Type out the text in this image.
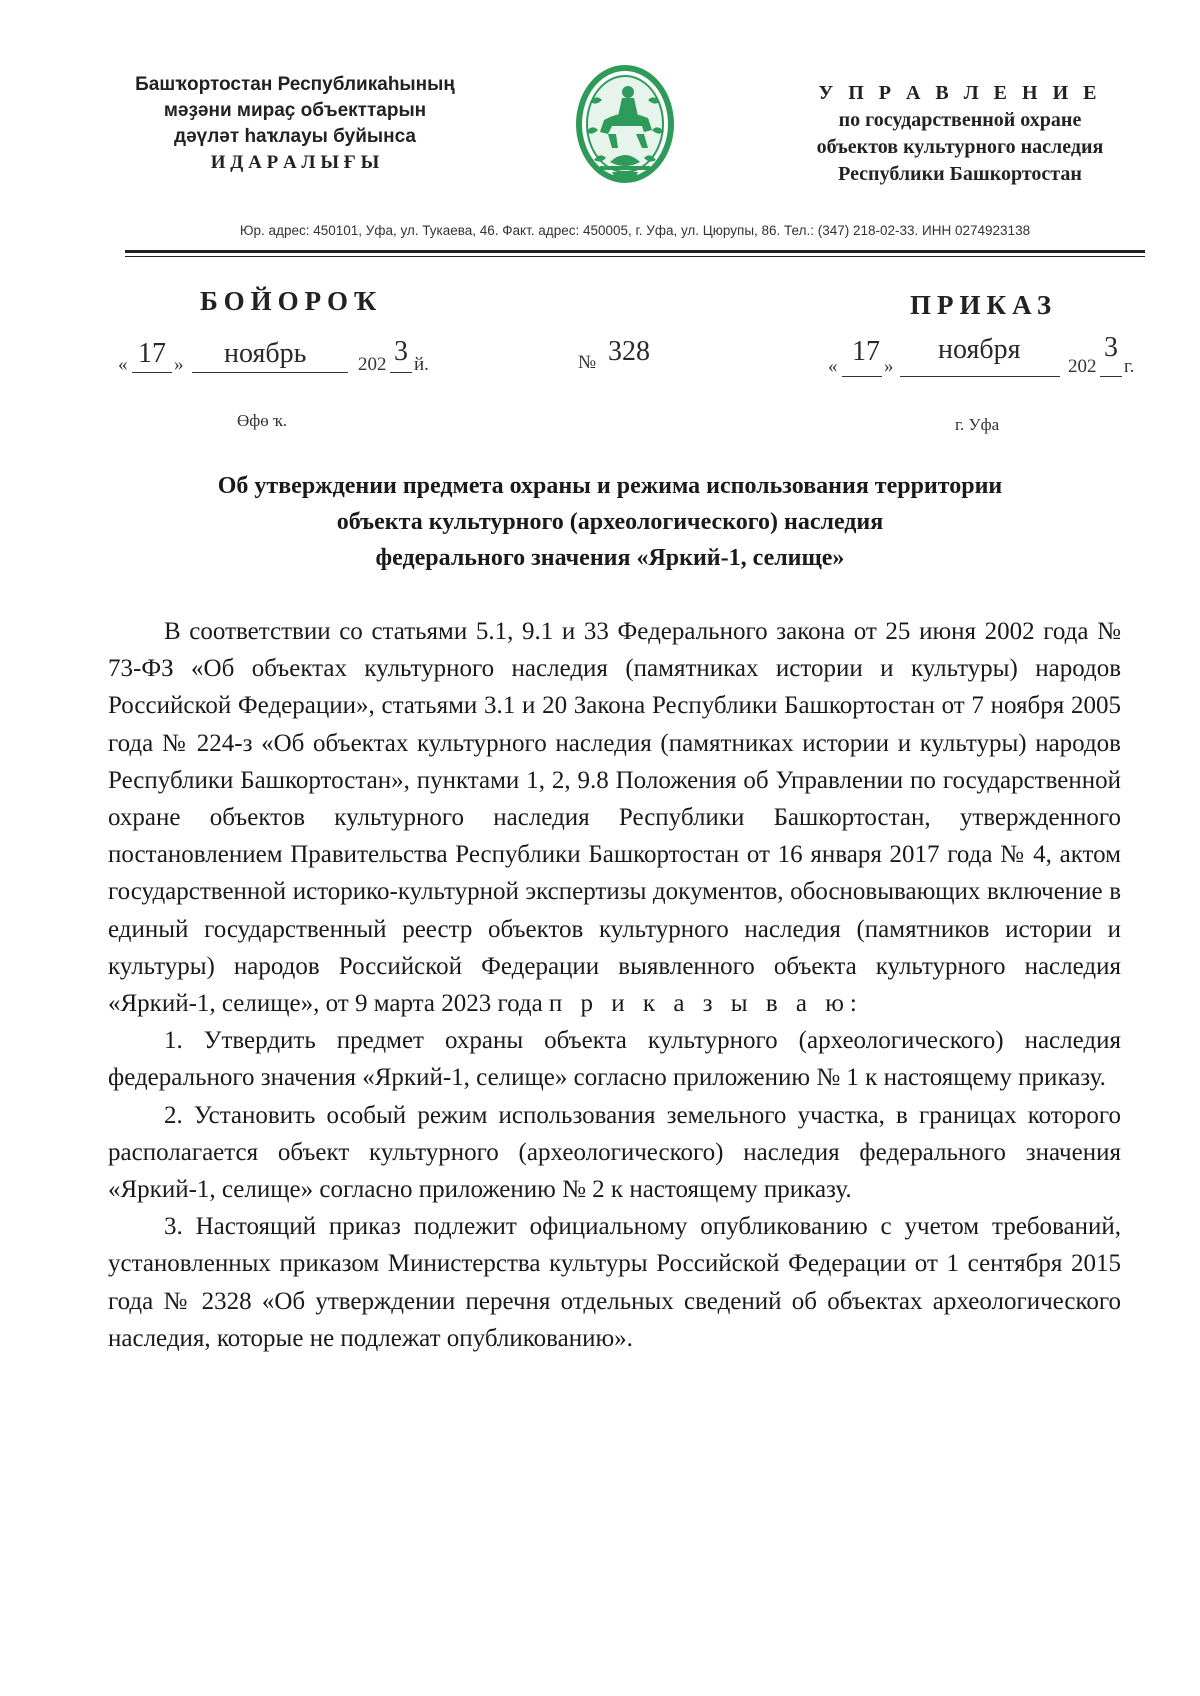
Башҡортостан Республикаһының
мәҙәни мираҫ объекттарын
дәүләт һаҡлауы буйынса
И Д А Р А Л Ы Ғ Ы
У П Р А В Л Е Н И Е
по государственной охране
объектов культурного наследия
Республики Башкортостан
Юр. адрес: 450101, Уфа, ул. Тукаева, 46. Факт. адрес: 450005, г. Уфа, ул. Цюрупы, 86. Тел.: (347) 218-02-33. ИНН 0274923138
БОЙОРОҠ	ПРИКАЗ
« 17 » ноябрь	202 3 й.	№ 328	« 17 »
ноября
202
3
г.
Өфө ҡ.	г. Уфа
Об утверждении предмета охраны и режима использования территории
объекта культурного (археологического) наследия
федерального значения «Яркий-1, селище»

В соответствии со статьями 5.1, 9.1 и 33 Федерального закона от 25 июня 2002 года № 73-ФЗ «Об объектах культурного наследия (памятниках истории и культуры) народов Российской Федерации», статьями 3.1 и 20 Закона Республики Башкортостан от 7 ноября 2005 года № 224-з «Об объектах культурного наследия (памятниках истории и культуры) народов Республики Башкортостан», пунктами 1, 2, 9.8 Положения об Управлении по государственной охране объектов культурного наследия Республики Башкортостан, утвержденного постановлением Правительства Республики Башкортостан от 16 января 2017 года № 4, актом государственной историко-культурной экспертизы документов, обосновывающих включение в единый государственный реестр объектов культурного наследия (памятников истории и культуры) народов Российской Федерации выявленного объекта культурного наследия «Яркий-1, селище», от 9 марта 2023 года п р и к а з ы в а ю:

1. Утвердить предмет охраны объекта культурного (археологического) наследия федерального значения «Яркий-1, селище» согласно приложению № 1 к настоящему приказу.

2. Установить особый режим использования земельного участка, в границах которого располагается объект культурного (археологического) наследия федерального значения «Яркий-1, селище» согласно приложению № 2 к настоящему приказу.

3. Настоящий приказ подлежит официальному опубликованию с учетом требований, установленных приказом Министерства культуры Российской Федерации от 1 сентября 2015 года № 2328 «Об утверждении перечня отдельных сведений об объектах археологического наследия, которые не подлежат опубликованию».
